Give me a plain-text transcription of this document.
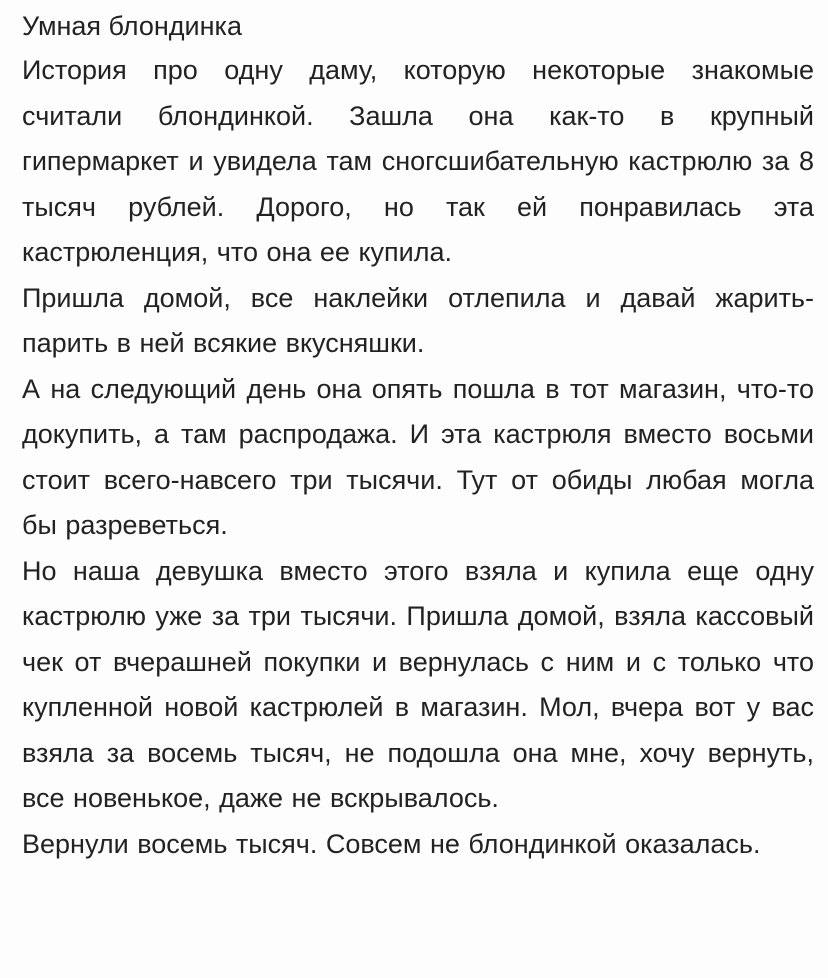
Умная блондинка

История про одну даму, которую некоторые знакомые считали блондинкой. Зашла она как-то в крупный гипермаркет и увидела там сногсшибательную кастрюлю за 8 тысяч рублей. Дорого, но так ей понравилась эта кастрюленция, что она ее купила.

Пришла домой, все наклейки отлепила и давай жарить-парить в ней всякие вкусняшки.

А на следующий день она опять пошла в тот магазин, что-то докупить, а там распродажа. И эта кастрюля вместо восьми стоит всего-навсего три тысячи. Тут от обиды любая могла бы разреветься.

Но наша девушка вместо этого взяла и купила еще одну кастрюлю уже за три тысячи. Пришла домой, взяла кассовый чек от вчерашней покупки и вернулась с ним и с только что купленной новой кастрюлей в магазин. Мол, вчера вот у вас взяла за восемь тысяч, не подошла она мне, хочу вернуть, все новенькое, даже не вскрывалось.

Вернули восемь тысяч. Совсем не блондинкой оказалась.
